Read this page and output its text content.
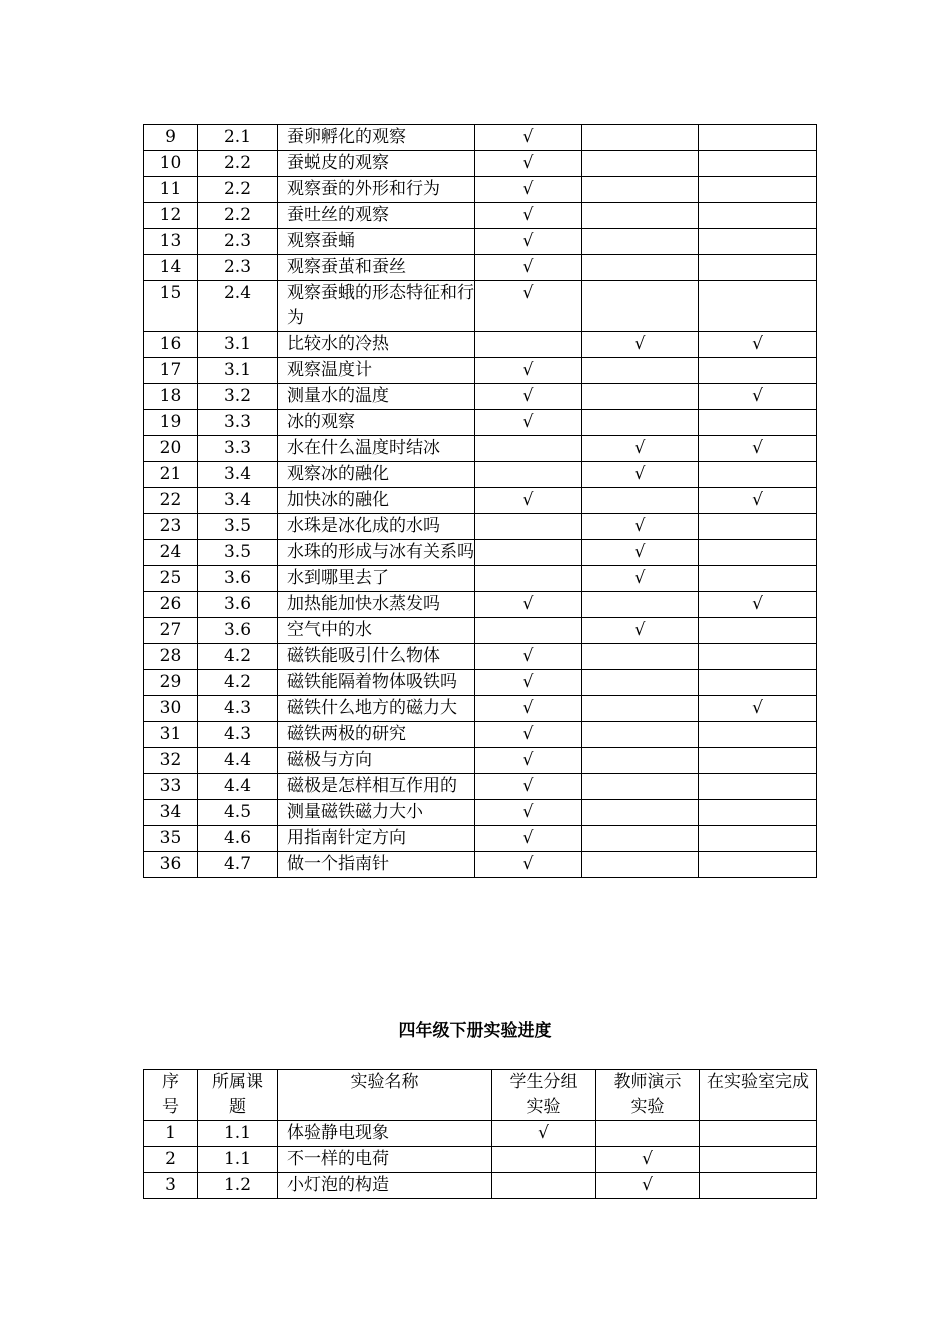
9	2.1	蚕卵孵化的观察	√		
10	2.2	蚕蜕皮的观察	√		
11	2.2	观察蚕的外形和行为	√		
12	2.2	蚕吐丝的观察	√		
13	2.3	观察蚕蛹	√		
14	2.3	观察蚕茧和蚕丝	√		
15	2.4	观察蚕蛾的形态特征和行为	√		
16	3.1	比较水的冷热		√	√
17	3.1	观察温度计	√		
18	3.2	测量水的温度	√		√
19	3.3	冰的观察	√		
20	3.3	水在什么温度时结冰		√	√
21	3.4	观察冰的融化		√	
22	3.4	加快冰的融化	√		√
23	3.5	水珠是冰化成的水吗		√	
24	3.5	水珠的形成与冰有关系吗		√	
25	3.6	水到哪里去了		√	
26	3.6	加热能加快水蒸发吗	√		√
27	3.6	空气中的水		√	
28	4.2	磁铁能吸引什么物体	√		
29	4.2	磁铁能隔着物体吸铁吗	√		
30	4.3	磁铁什么地方的磁力大	√		√
31	4.3	磁铁两极的研究	√		
32	4.4	磁极与方向	√		
33	4.4	磁极是怎样相互作用的	√		
34	4.5	测量磁铁磁力大小	√		
35	4.6	用指南针定方向	√		
36	4.7	做一个指南针	√		
四年级下册实验进度
序号	所属课题	实验名称	学生分组实验	教师演示实验	在实验室完成
1	1.1	体验静电现象	√		
2	1.1	不一样的电荷		√	
3	1.2	小灯泡的构造		√	
